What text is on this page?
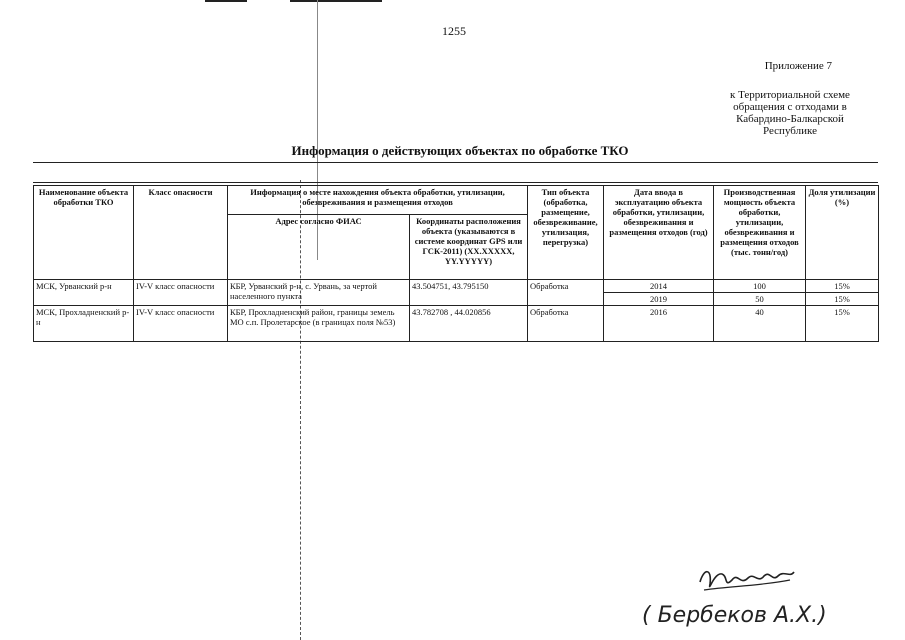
1255
Приложение 7
к Территориальной схеме
обращения с отходами в
Кабардино-Балкарской
Республике
Информация о действующих объектах по обработке ТКО
Наименование объекта обработки ТКО	Класс опасности	Информация о месте нахождения объекта обработки, утилизации, обезвреживания и размещения отходов		Тип объекта (обработка, размещение, обезвреживание, утилизация, перегрузка)	Дата ввода в эксплуатацию объекта обработки, утилизации, обезвреживания и размещения отходов (год)	Производственная мощность объекта обработки, утилизации, обезвреживания и размещения отходов (тыс. тонн/год)	Доля утилизации (%)
		Адрес согласно ФИАС	Координаты расположения объекта (указываются в системе координат GPS или ГСК-2011) (XX.XXXXX, YY.YYYYY)				
МСК, Урванский р-н	IV-V класс опасности	КБР, Урванский р-н, с. Урвань, за чертой населенного пункта	43.504751, 43.795150	Обработка	2014	100	15%
					2019	50	15%
МСК, Прохладненский р-н	IV-V класс опасности	КБР, Прохладненский район, границы земель МО с.п. Пролетарское (в границах поля №53)	43.782708 , 44.020856	Обработка	2016	40	15%
( Бербеков А.Х.)
